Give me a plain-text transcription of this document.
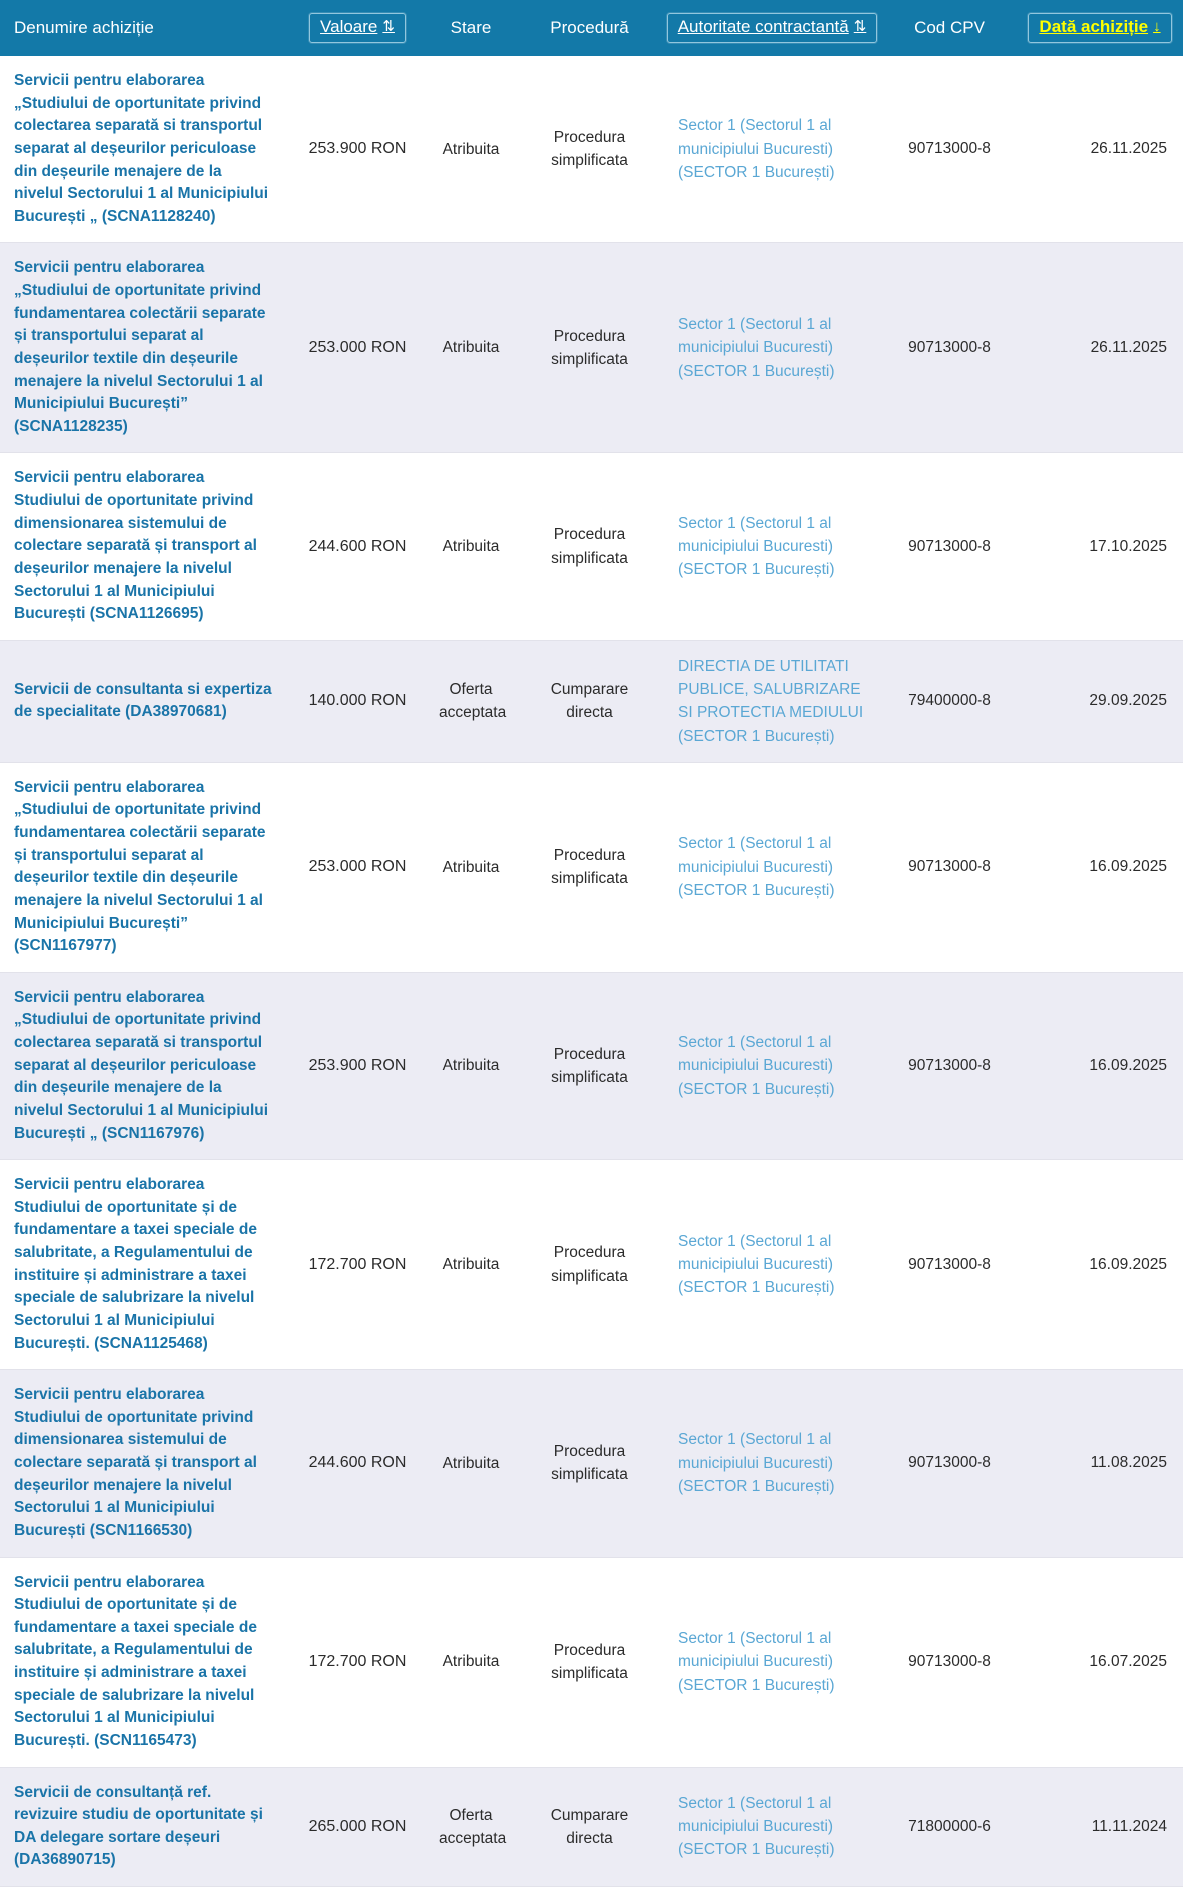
Denumire achiziție	Valoare ⇅	Stare	Procedură	Autoritate contractantă ⇅	Cod CPV	Dată achiziție ↓

Servicii pentru elaborarea „Studiului de oportunitate privind colectarea separată si transportul separat al deșeurilor periculoase din deșeurile menajere de la nivelul Sectorului 1 al Municipiului București „ (SCNA1128240)	253.900 RON	Atribuita	Procedura simplificata	Sector 1 (Sectorul 1 al municipiului Bucuresti) (SECTOR 1 București)	90713000-8	26.11.2025

Servicii pentru elaborarea „Studiului de oportunitate privind fundamentarea colectării separate și transportului separat al deșeurilor textile din deșeurile menajere la nivelul Sectorului 1 al Municipiului București” (SCNA1128235)	253.000 RON	Atribuita	Procedura simplificata	Sector 1 (Sectorul 1 al municipiului Bucuresti) (SECTOR 1 București)	90713000-8	26.11.2025

Servicii pentru elaborarea Studiului de oportunitate privind dimensionarea sistemului de colectare separată și transport al deșeurilor menajere la nivelul Sectorului 1 al Municipiului București (SCNA1126695)	244.600 RON	Atribuita	Procedura simplificata	Sector 1 (Sectorul 1 al municipiului Bucuresti) (SECTOR 1 București)	90713000-8	17.10.2025

Servicii de consultanta si expertiza de specialitate (DA38970681)	140.000 RON	Oferta acceptata	Cumparare directa	DIRECTIA DE UTILITATI PUBLICE, SALUBRIZARE SI PROTECTIA MEDIULUI (SECTOR 1 București)	79400000-8	29.09.2025

Servicii pentru elaborarea „Studiului de oportunitate privind fundamentarea colectării separate și transportului separat al deșeurilor textile din deșeurile menajere la nivelul Sectorului 1 al Municipiului București” (SCN1167977)	253.000 RON	Atribuita	Procedura simplificata	Sector 1 (Sectorul 1 al municipiului Bucuresti) (SECTOR 1 București)	90713000-8	16.09.2025

Servicii pentru elaborarea „Studiului de oportunitate privind colectarea separată si transportul separat al deșeurilor periculoase din deșeurile menajere de la nivelul Sectorului 1 al Municipiului București „ (SCN1167976)	253.900 RON	Atribuita	Procedura simplificata	Sector 1 (Sectorul 1 al municipiului Bucuresti) (SECTOR 1 București)	90713000-8	16.09.2025

Servicii pentru elaborarea Studiului de oportunitate și de fundamentare a taxei speciale de salubritate, a Regulamentului de instituire și administrare a taxei speciale de salubrizare la nivelul Sectorului 1 al Municipiului București. (SCNA1125468)	172.700 RON	Atribuita	Procedura simplificata	Sector 1 (Sectorul 1 al municipiului Bucuresti) (SECTOR 1 București)	90713000-8	16.09.2025

Servicii pentru elaborarea Studiului de oportunitate privind dimensionarea sistemului de colectare separată și transport al deșeurilor menajere la nivelul Sectorului 1 al Municipiului București (SCN1166530)	244.600 RON	Atribuita	Procedura simplificata	Sector 1 (Sectorul 1 al municipiului Bucuresti) (SECTOR 1 București)	90713000-8	11.08.2025

Servicii pentru elaborarea Studiului de oportunitate și de fundamentare a taxei speciale de salubritate, a Regulamentului de instituire și administrare a taxei speciale de salubrizare la nivelul Sectorului 1 al Municipiului București. (SCN1165473)	172.700 RON	Atribuita	Procedura simplificata	Sector 1 (Sectorul 1 al municipiului Bucuresti) (SECTOR 1 București)	90713000-8	16.07.2025

Servicii de consultanță ref. revizuire studiu de oportunitate și DA delegare sortare deșeuri (DA36890715)	265.000 RON	Oferta acceptata	Cumparare directa	Sector 1 (Sectorul 1 al municipiului Bucuresti) (SECTOR 1 București)	71800000-6	11.11.2024
